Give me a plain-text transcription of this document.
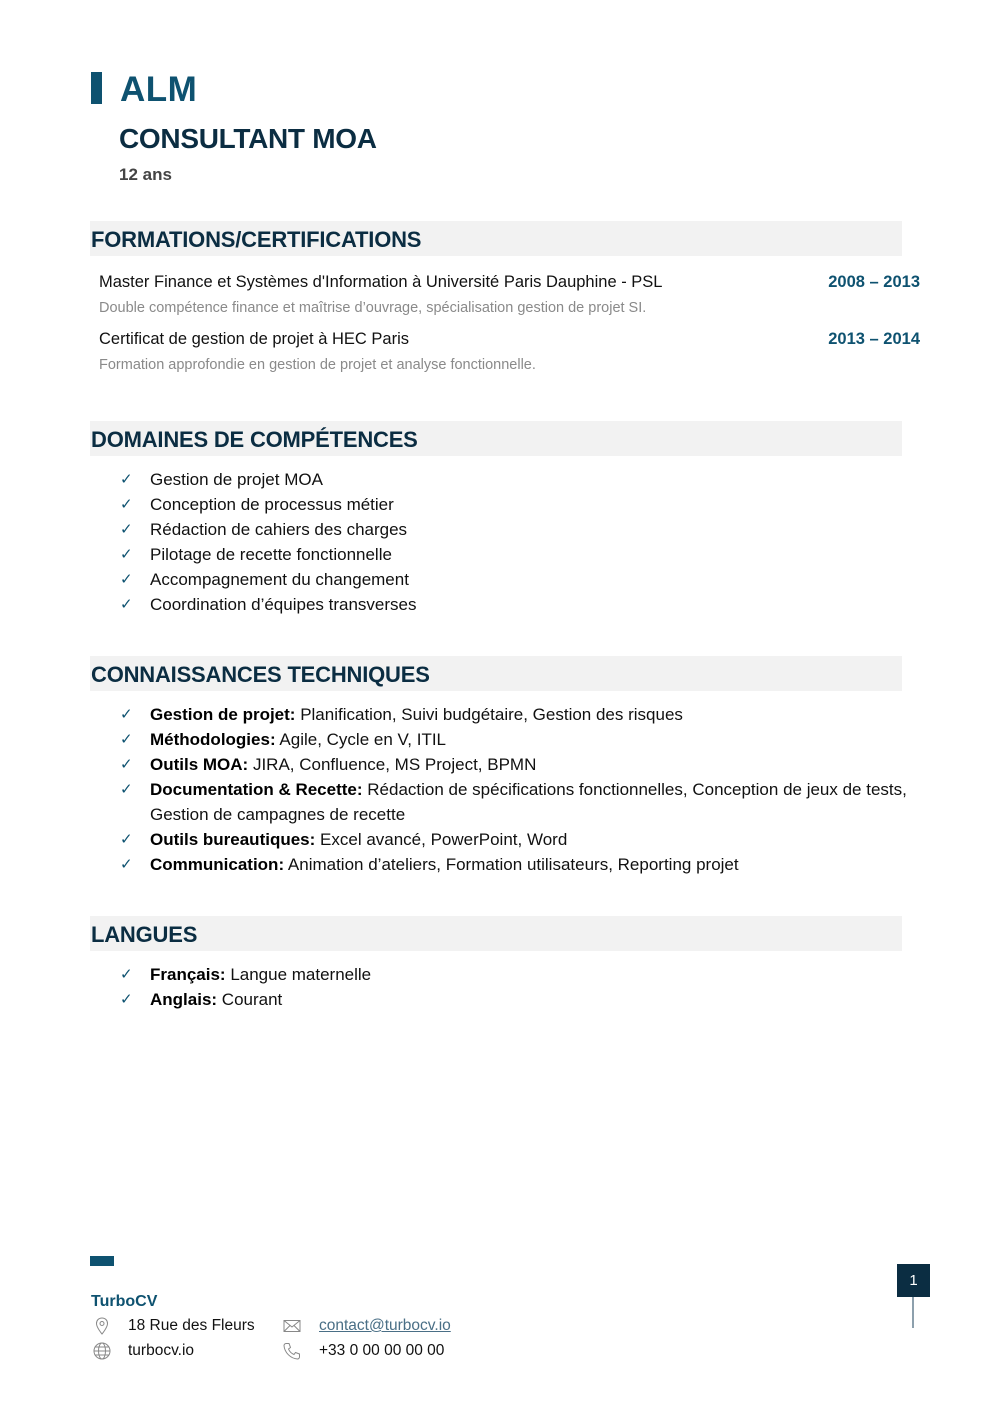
ALM
CONSULTANT MOA
12 ans
FORMATIONS/CERTIFICATIONS
Master Finance et Systèmes d'Information à Université Paris Dauphine - PSL	2008 – 2013
Double compétence finance et maîtrise d’ouvrage, spécialisation gestion de projet SI.
Certificat de gestion de projet à HEC Paris	2013 – 2014
Formation approfondie en gestion de projet et analyse fonctionnelle.
DOMAINES DE COMPÉTENCES
✓ Gestion de projet MOA
✓ Conception de processus métier
✓ Rédaction de cahiers des charges
✓ Pilotage de recette fonctionnelle
✓ Accompagnement du changement
✓ Coordination d’équipes transverses
CONNAISSANCES TECHNIQUES
✓ Gestion de projet: Planification, Suivi budgétaire, Gestion des risques
✓ Méthodologies: Agile, Cycle en V, ITIL
✓ Outils MOA: JIRA, Confluence, MS Project, BPMN
✓ Documentation & Recette: Rédaction de spécifications fonctionnelles, Conception de jeux de tests, Gestion de campagnes de recette
✓ Outils bureautiques: Excel avancé, PowerPoint, Word
✓ Communication: Animation d’ateliers, Formation utilisateurs, Reporting projet
LANGUES
✓ Français: Langue maternelle
✓ Anglais: Courant
TurboCV
18 Rue des Fleurs	contact@turbocv.io
turbocv.io	+33 0 00 00 00 00
1
